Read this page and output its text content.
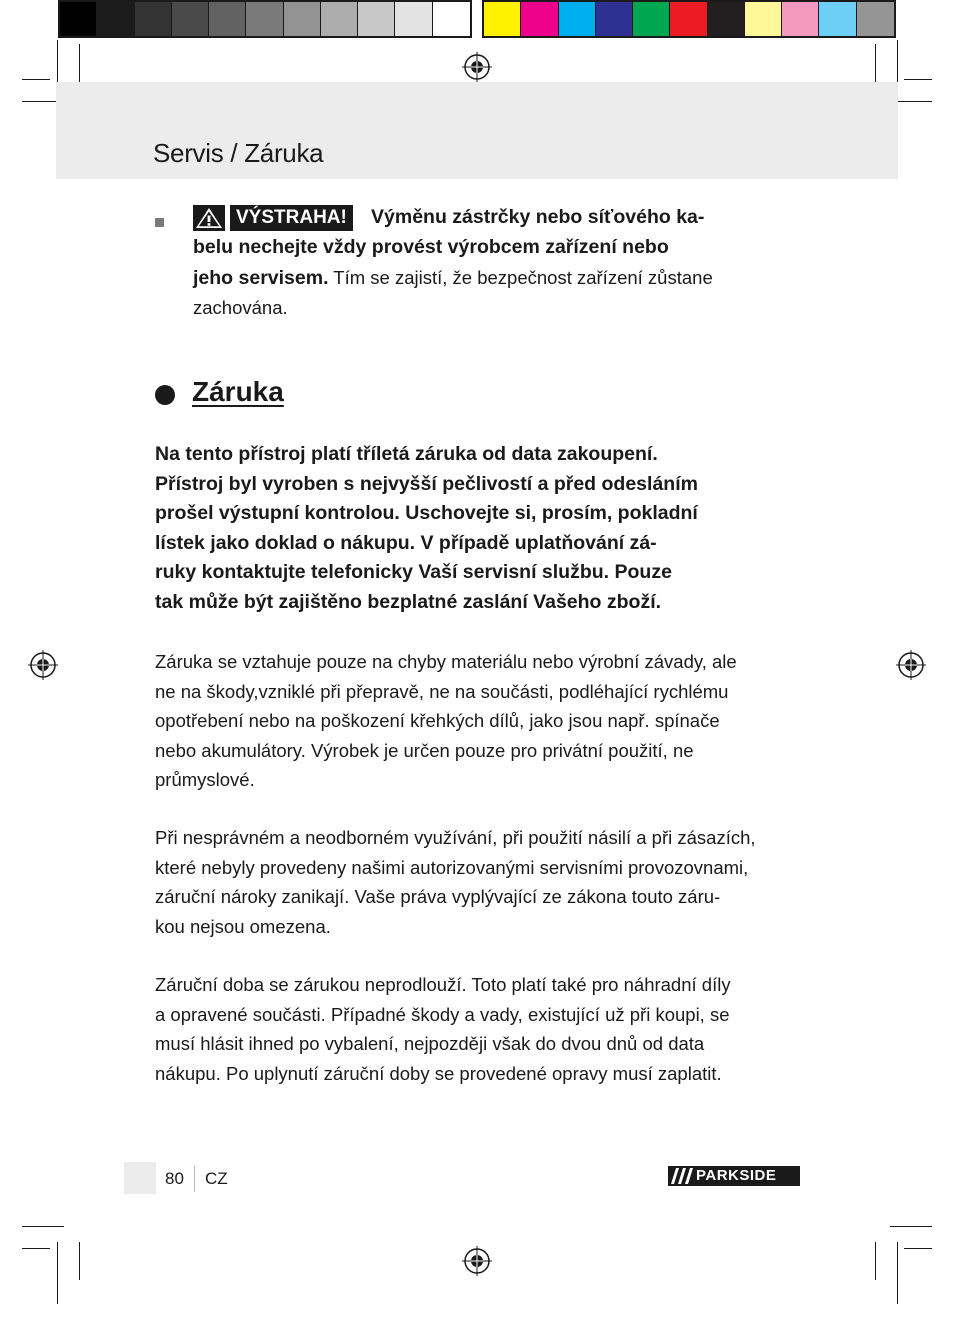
Servis / Záruka
VÝSTRAHA!	Výměnu zástrčky nebo síťového ka-
belu nechejte vždy provést výrobcem zařízení nebo
jeho servisem. Tím se zajistí, že bezpečnost zařízení zůstane
zachována.
Záruka
Na tento přístroj platí tříletá záruka od data zakoupení.
Přístroj byl vyroben s nejvyšší pečlivostí a před odesláním
prošel výstupní kontrolou. Uschovejte si, prosím, pokladní
lístek jako doklad o nákupu. V případě uplatňování zá-
ruky kontaktujte telefonicky Vaší servisní službu. Pouze
tak může být zajištěno bezplatné zaslání Vašeho zboží.
Záruka se vztahuje pouze na chyby materiálu nebo výrobní závady, ale
ne na škody,vzniklé při přepravě, ne na součásti, podléhající rychlému
opotřebení nebo na poškození křehkých dílů, jako jsou např. spínače
nebo akumulátory. Výrobek je určen pouze pro privátní použití, ne
průmyslové.
Při nesprávném a neodborném využívání, při použití násilí a při zásazích,
které nebyly provedeny našimi autorizovanými servisními provozovnami,
záruční nároky zanikají. Vaše práva vyplývající ze zákona touto záru-
kou nejsou omezena.
Záruční doba se zárukou neprodlouží. Toto platí také pro náhradní díly
a opravené součásti. Případné škody a vady, existující už při koupi, se
musí hlásit ihned po vybalení, nejpozději však do dvou dnů od data
nákupu. Po uplynutí záruční doby se provedené opravy musí zaplatit.
80 CZ	PARKSIDE
